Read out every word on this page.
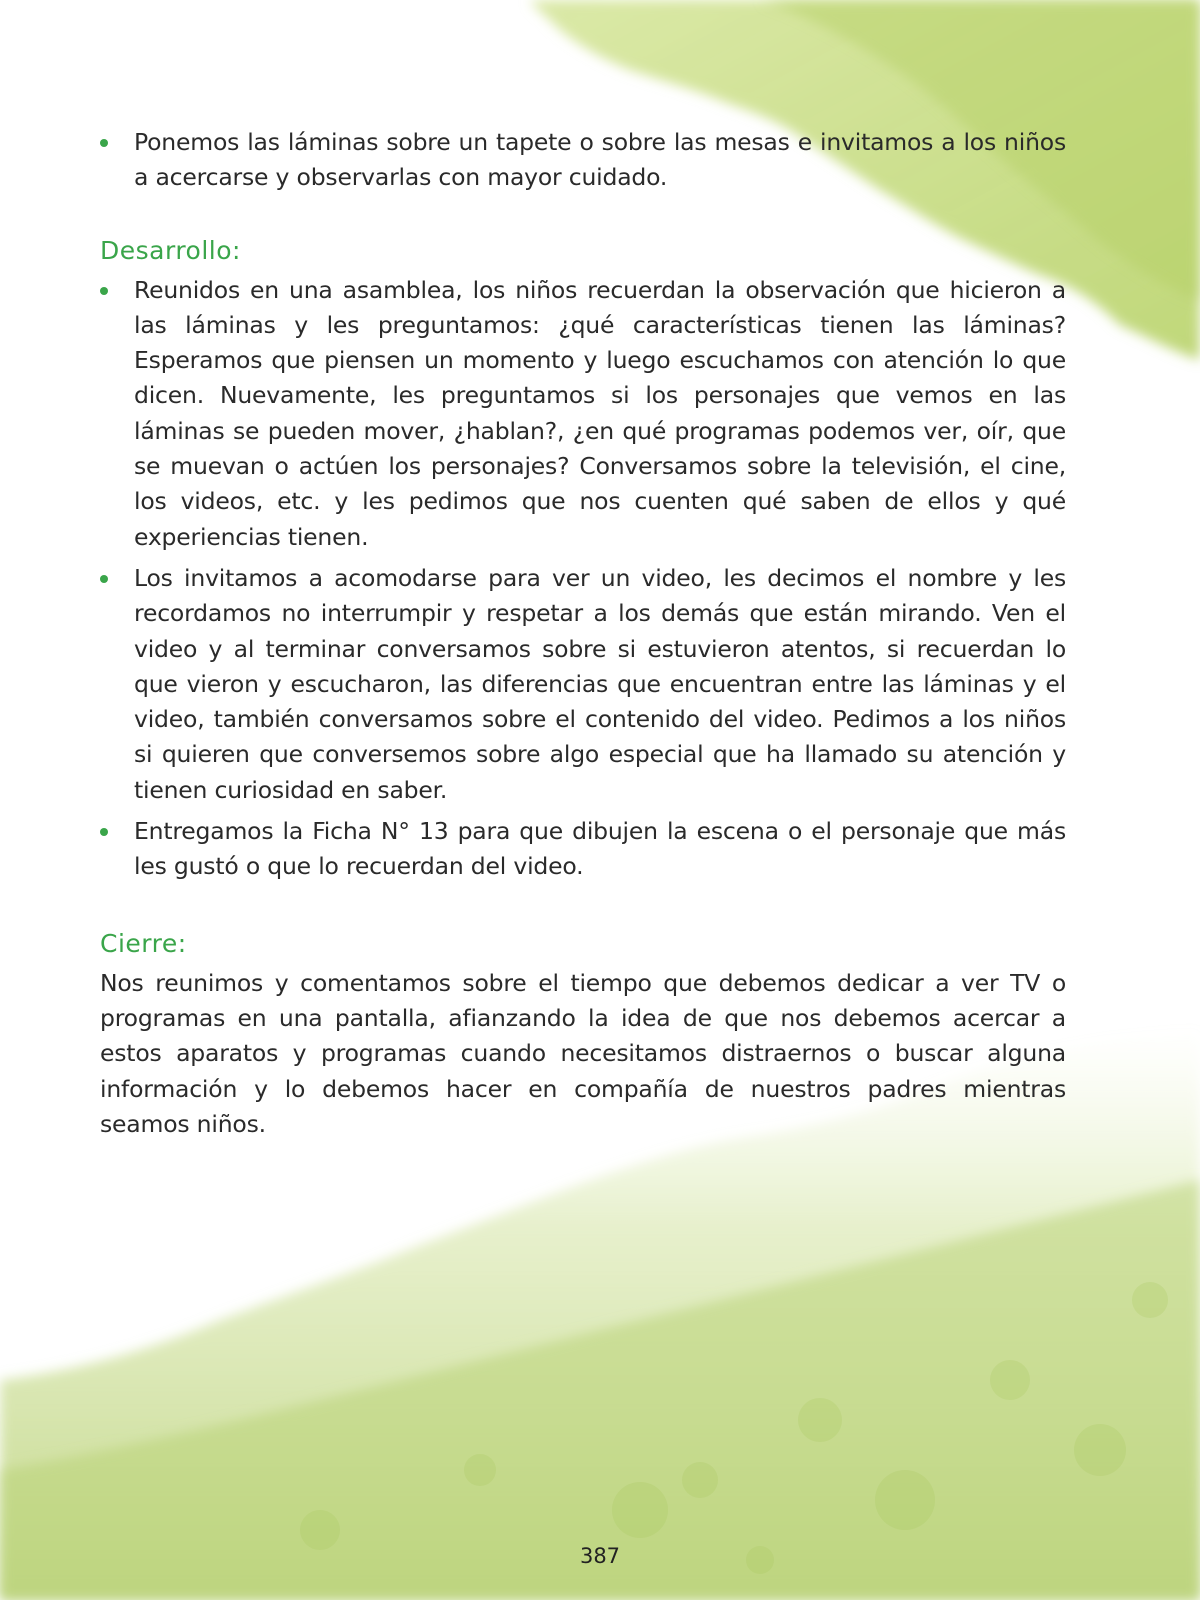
Ponemos las láminas sobre un tapete o sobre las mesas e invitamos a los niños a acercarse y observarlas con mayor cuidado.
Desarrollo:
Reunidos en una asamblea, los niños recuerdan la observación que hicieron a las láminas y les preguntamos: ¿qué características tienen las láminas? Esperamos que piensen un momento y luego escuchamos con atención lo que dicen. Nuevamente, les preguntamos si los personajes que vemos en las láminas se pueden mover, ¿hablan?, ¿en qué programas podemos ver, oír, que se muevan o actúen los personajes? Conversamos sobre la televisión, el cine, los videos, etc. y les pedimos que nos cuenten qué saben de ellos y qué experiencias tienen.
Los invitamos a acomodarse para ver un video, les decimos el nombre y les recordamos no interrumpir y respetar a los demás que están mirando. Ven el video y al terminar conversamos sobre si estuvieron atentos, si recuerdan lo que vieron y escucharon, las diferencias que encuentran entre las láminas y el video, también conversamos sobre el contenido del video. Pedimos a los niños si quieren que conversemos sobre algo especial que ha llamado su atención y tienen curiosidad en saber.
Entregamos la Ficha N° 13 para que dibujen la escena o el personaje que más les gustó o que lo recuerdan del video.
Cierre:

Nos reunimos y comentamos sobre el tiempo que debemos dedicar a ver TV o programas en una pantalla, afianzando la idea de que nos debemos acercar a estos aparatos y programas cuando necesitamos distraernos o buscar alguna información y lo debemos hacer en compañía de nuestros padres mientras seamos niños.

387
